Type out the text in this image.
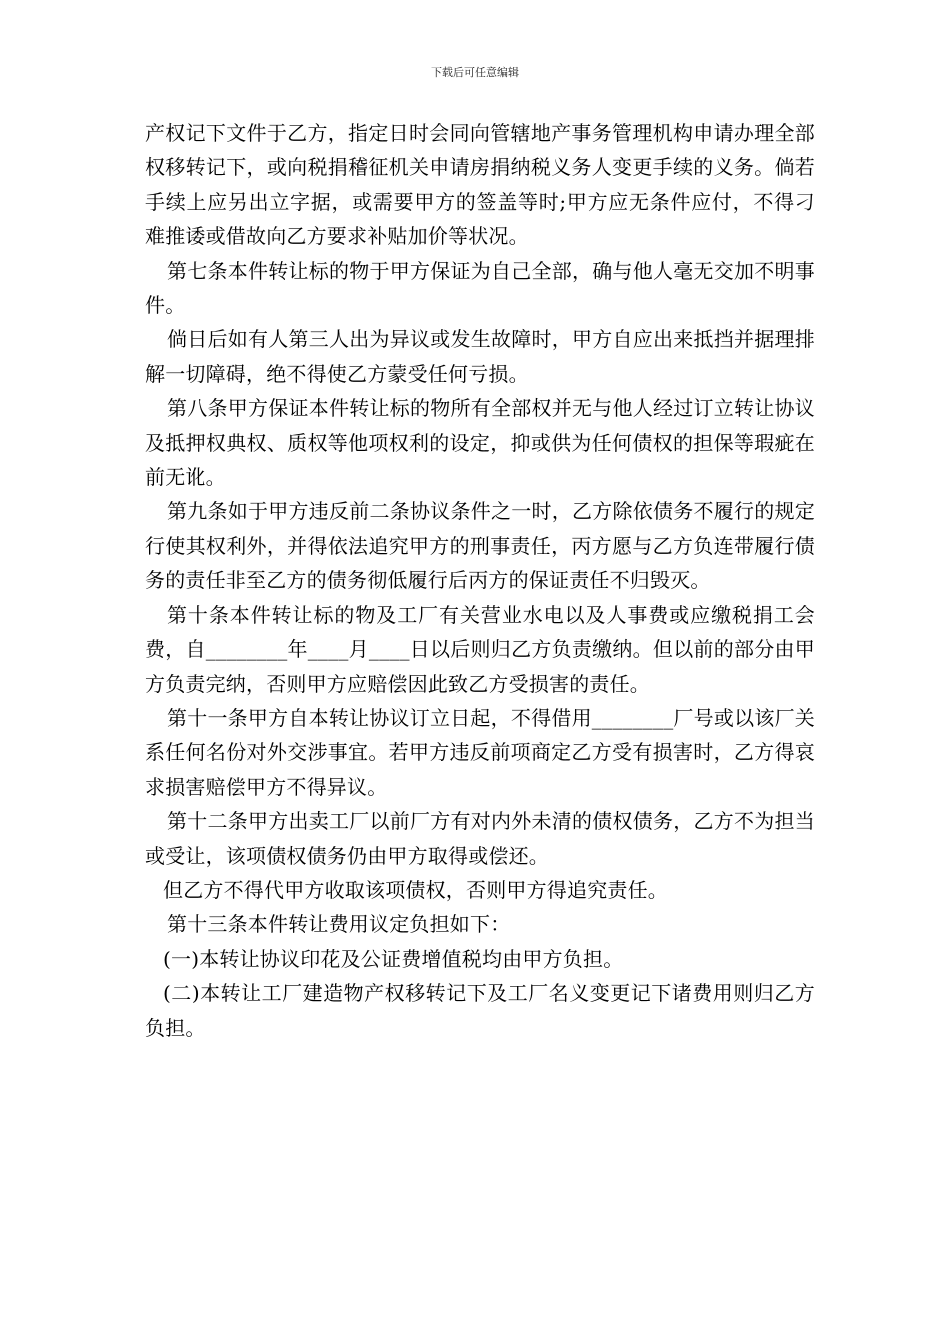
下载后可任意编辑

产权记下文件于乙方，指定日时会同向管辖地产事务管理机构申请办理全部权移转记下，或向税捐稽征机关申请房捐纳税义务人变更手续的义务。倘若手续上应另出立字据，或需要甲方的签盖等时;甲方应无条件应付，不得刁难推诿或借故向乙方要求补贴加价等状况。

第七条本件转让标的物于甲方保证为自己全部，确与他人毫无交加不明事件。

倘日后如有人第三人出为异议或发生故障时，甲方自应出来抵挡并据理排解一切障碍，绝不得使乙方蒙受任何亏损。

第八条甲方保证本件转让标的物所有全部权并无与他人经过订立转让协议及抵押权典权、质权等他项权利的设定，抑或供为任何债权的担保等瑕疵在前无讹。

第九条如于甲方违反前二条协议条件之一时，乙方除依债务不履行的规定行使其权利外，并得依法追究甲方的刑事责任，丙方愿与乙方负连带履行债务的责任非至乙方的债务彻低履行后丙方的保证责任不归毁灭。

第十条本件转让标的物及工厂有关营业水电以及人事费或应缴税捐工会费，自________年____月____日以后则归乙方负责缴纳。但以前的部分由甲方负责完纳，否则甲方应赔偿因此致乙方受损害的责任。

第十一条甲方自本转让协议订立日起，不得借用________厂号或以该厂关系任何名份对外交涉事宜。若甲方违反前项商定乙方受有损害时，乙方得哀求损害赔偿甲方不得异议。

第十二条甲方出卖工厂以前厂方有对内外未清的债权债务，乙方不为担当或受让，该项债权债务仍由甲方取得或偿还。

但乙方不得代甲方收取该项债权，否则甲方得追究责任。

第十三条本件转让费用议定负担如下：

(一)本转让协议印花及公证费增值税均由甲方负担。

(二)本转让工厂建造物产权移转记下及工厂名义变更记下诸费用则归乙方负担。
